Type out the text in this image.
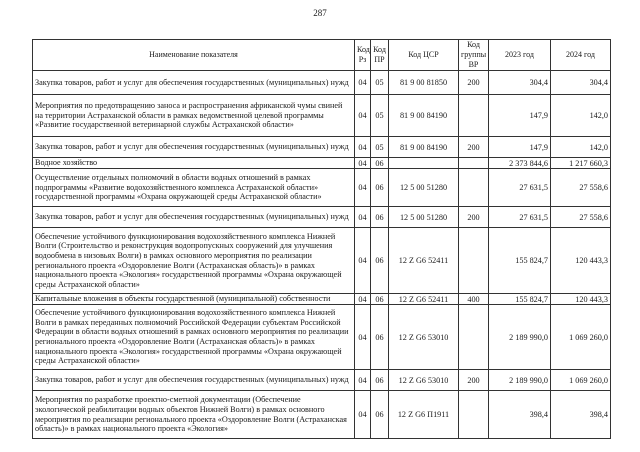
287
Наименование показателя	Код Рз	Код ПР	Код ЦСР	Код группы ВР	2023 год	2024 год
Закупка товаров, работ и услуг для обеспечения государственных (муниципальных) нужд	04	05	81 9 00 81850	200	304,4	304,4
Мероприятия по предотвращению заноса и распространения африканской чумы свиней на территории Астраханской области в рамках ведомственной целевой программы «Развитие государственной ветеринарной службы Астраханской области»	04	05	81 9 00 84190		147,9	142,0
Закупка товаров, работ и услуг для обеспечения государственных (муниципальных) нужд	04	05	81 9 00 84190	200	147,9	142,0
Водное хозяйство	04	06			2 373 844,6	1 217 660,3
Осуществление отдельных полномочий в области водных отношений в рамках подпрограммы «Развитие водохозяйственного комплекса Астраханской области» государственной программы «Охрана окружающей среды Астраханской области»	04	06	12 5 00 51280		27 631,5	27 558,6
Закупка товаров, работ и услуг для обеспечения государственных (муниципальных) нужд	04	06	12 5 00 51280	200	27 631,5	27 558,6
Обеспечение устойчивого функционирования водохозяйственного комплекса Нижней Волги (Строительство и реконструкция водопропускных сооружений для улучшения водообмена в низовьях Волги) в рамках основного мероприятия по реализации регионального проекта «Оздоровление Волги (Астраханская область)» в рамках национального проекта «Экология» государственной программы «Охрана окружающей среды Астраханской области»	04	06	12 Z G6 52411		155 824,7	120 443,3
Капитальные вложения в объекты государственной (муниципальной) собственности	04	06	12 Z G6 52411	400	155 824,7	120 443,3
Обеспечение устойчивого функционирования водохозяйственного комплекса Нижней Волги в рамках переданных полномочий Российской Федерации субъектам Российской Федерации в области водных отношений в рамках основного мероприятия по реализации регионального проекта «Оздоровление Волги (Астраханская область)» в рамках национального проекта «Экология» государственной программы «Охрана окружающей среды Астраханской области»	04	06	12 Z G6 53010		2 189 990,0	1 069 260,0
Закупка товаров, работ и услуг для обеспечения государственных (муниципальных) нужд	04	06	12 Z G6 53010	200	2 189 990,0	1 069 260,0
Мероприятия по разработке проектно-сметной документации (Обеспечение экологической реабилитации водных объектов Нижней Волги) в рамках основного мероприятия по реализации регионального проекта «Оздоровление Волги (Астраханская область)» в рамках национального проекта «Экология»	04	06	12 Z G6 П1911		398,4	398,4
